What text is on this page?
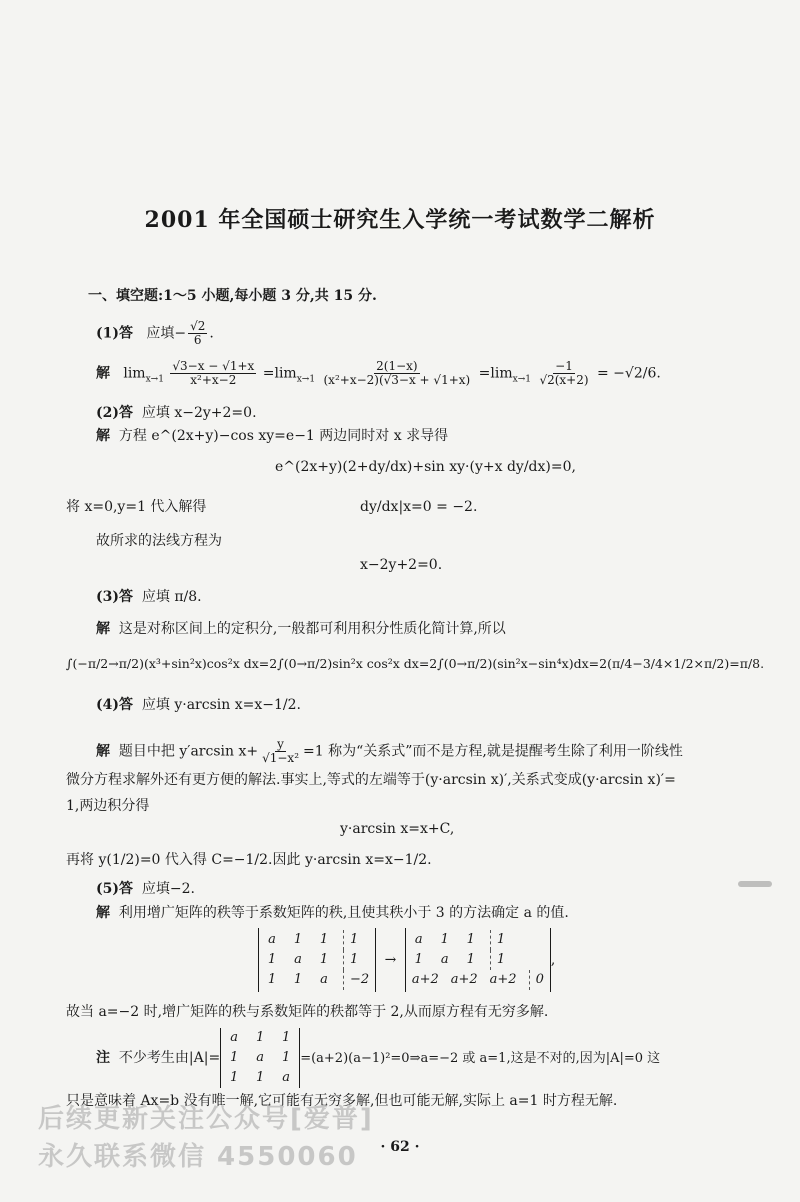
2001 年全国硕士研究生入学统一考试数学二解析
一、填空题:1～5 小题,每小题 3 分,共 15 分.
(1)答 应填− $\frac{√2}{6}$ .
解   $\lim_{x\to 1} \frac{√3-x - √1+x}{\text{x²+x−2}} =\lim_{x\to 1} \frac{2(1-x)}{\text{(x²+x−2)(√3−x + √1+x)}} =\lim_{x\to 1} \frac{-1}{√2(x+2)} = -√2/6$.
(2)答 应填 x−2y+2=0.
解 方程 e^(2x+y)−cos xy=e−1 两边同时对 x 求导得
e^(2x+y)(2+dy/dx)+sin xy·(y+x dy/dx)=0,
将 x=0,y=1 代入解得	dy/dx|x=0 = −2.
故所求的法线方程为
x−2y+2=0.
(3)答 应填 π/8.
解 这是对称区间上的定积分,一般都可利用积分性质化简计算,所以
∫(−π/2→π/2)(x³+sin²x)cos²x dx=2∫(0→π/2)sin²x cos²x dx=2∫(0→π/2)(sin²x−sin⁴x)dx=2(π/4−3/4×1/2×π/2)=π/8.
(4)答 应填 y·arcsin x=x−1/2.
解 题目中把 y′arcsin $x+ \frac{y}{\text{√1−x²}} =1$ 称为“关系式”而不是方程,就是提醒考生除了利用一阶线性
微分方程求解外还有更方便的解法.事实上,等式的左端等于(y·arcsin x)′,关系式变成(y·arcsin x)′=
1,两边积分得
y·arcsin x=x+C,
再将 y(1/2)=0 代入得 C=−1/2.因此 y·arcsin x=x−1/2.
(5)答 应填−2.
解 利用增广矩阵的秩等于系数矩阵的秩,且使其秩小于 3 的方法确定 a 的值.
a 1 1	1
1 a 1	1
1 1 a	−2
→
a 1 1	1
1 a 1	1
a+2 a+2 a+2	0
,
故当 a=−2 时,增广矩阵的秩与系数矩阵的秩都等于 2,从而原方程有无穷多解.
注 不少考生由|A|=
a 1 1
1 a 1
1 1 a
=(a+2)(a−1)²=0⇒a=−2 或 a=1,这是不对的,因为|A|=0 这
只是意味着 Ax=b 没有唯一解,它可能有无穷多解,但也可能无解,实际上 a=1 时方程无解.
· 62 ·
后续更新关注公众号[爱普]
永久联系微信 4550060
